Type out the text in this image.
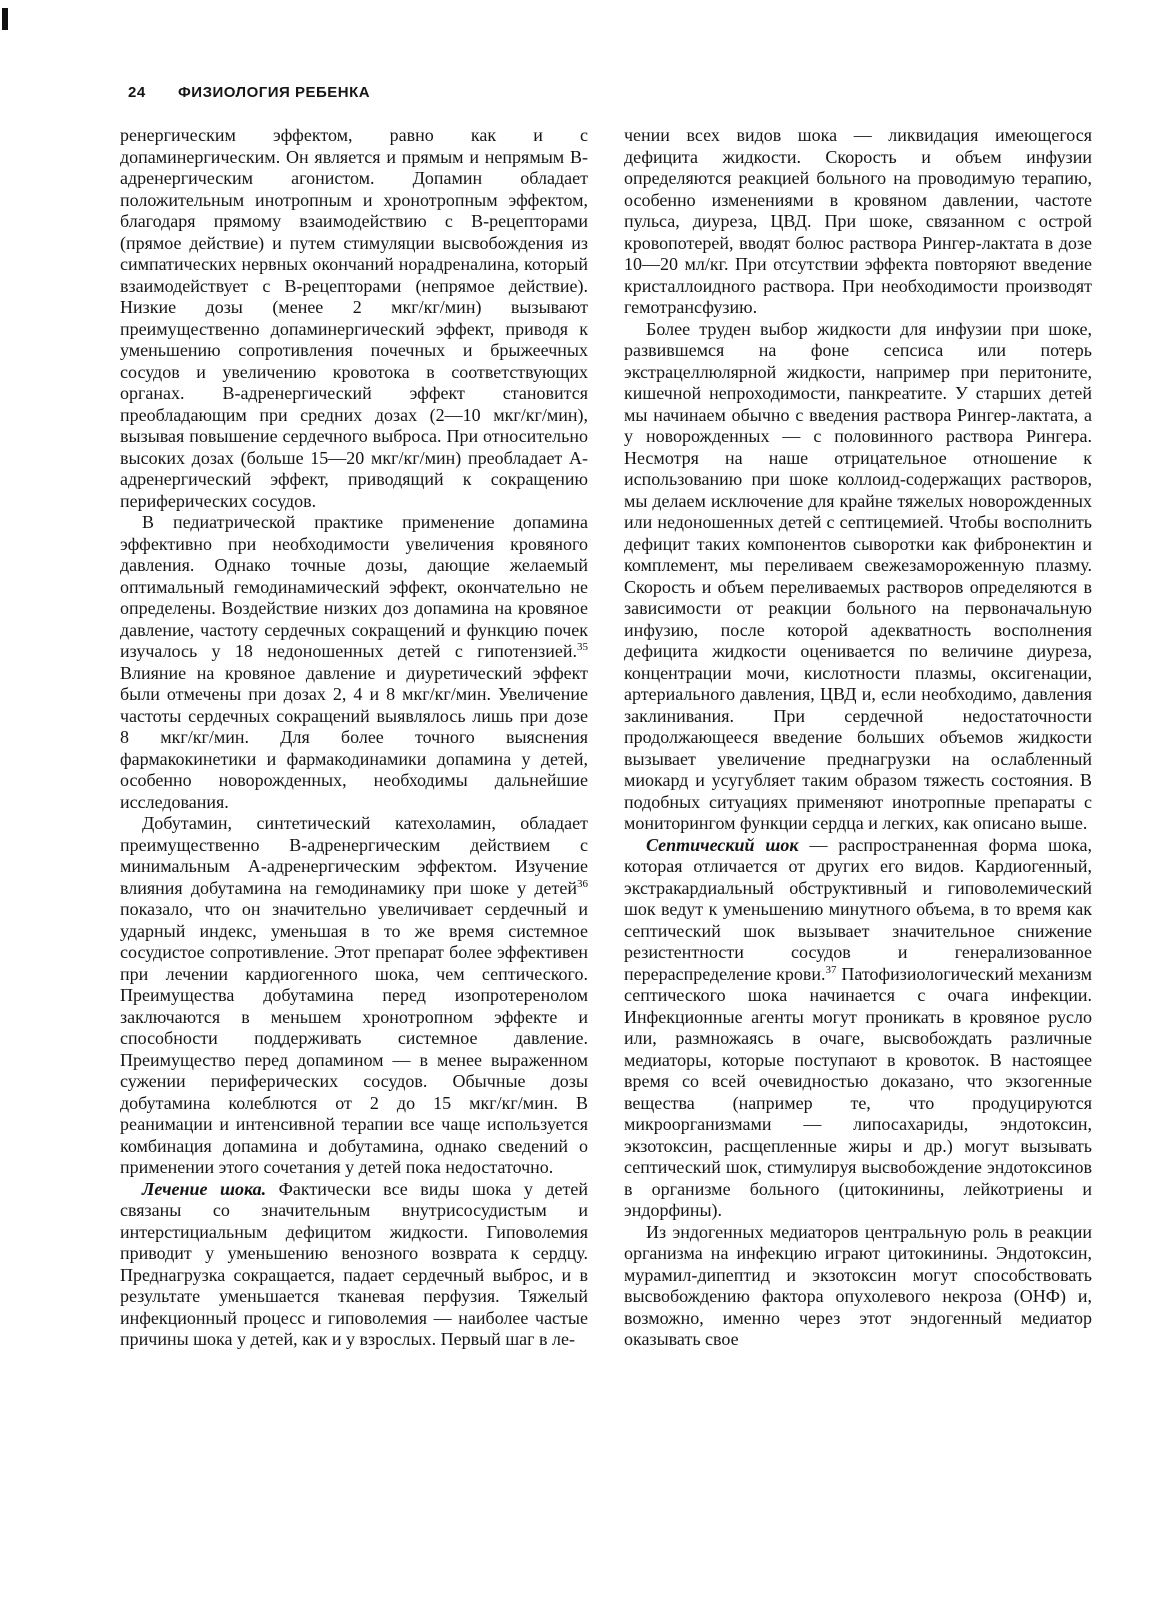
24 ФИЗИОЛОГИЯ РЕБЕНКА

ренергическим эффектом, равно как и с допаминергическим. Он является и прямым и непрямым В-адренергическим агонистом. Допамин обладает положительным инотропным и хронотропным эффектом, благодаря прямому взаимодействию с В-рецепторами (прямое действие) и путем стимуляции высвобождения из симпатических нервных окончаний норадреналина, который взаимодействует с В-рецепторами (непрямое действие). Низкие дозы (менее 2 мкг/кг/мин) вызывают преимущественно допаминергический эффект, приводя к уменьшению сопротивления почечных и брыжеечных сосудов и увеличению кровотока в соответствующих органах. В-адренергический эффект становится преобладающим при средних дозах (2—10 мкг/кг/мин), вызывая повышение сердечного выброса. При относительно высоких дозах (больше 15—20 мкг/кг/мин) преобладает А-адренергический эффект, приводящий к сокращению периферических сосудов.

В педиатрической практике применение допамина эффективно при необходимости увеличения кровяного давления. Однако точные дозы, дающие желаемый оптимальный гемодинамический эффект, окончательно не определены. Воздействие низких доз допамина на кровяное давление, частоту сердечных сокращений и функцию почек изучалось у 18 недоношенных детей с гипотензией.$^{35}$ Влияние на кровяное давление и диуретический эффект были отмечены при дозах 2, 4 и 8 мкг/кг/мин. Увеличение частоты сердечных сокращений выявлялось лишь при дозе 8 мкг/кг/мин. Для более точного выяснения фармакокинетики и фармакодинамики допамина у детей, особенно новорожденных, необходимы дальнейшие исследования.

Добутамин, синтетический катехоламин, обладает преимущественно В-адренергическим действием с минимальным А-адренергическим эффектом. Изучение влияния добутамина на гемодинамику при шоке у детей$^{36}$ показало, что он значительно увеличивает сердечный и ударный индекс, уменьшая в то же время системное сосудистое сопротивление. Этот препарат более эффективен при лечении кардиогенного шока, чем септического. Преимущества добутамина перед изопротеренолом заключаются в меньшем хронотропном эффекте и способности поддерживать системное давление. Преимущество перед допамином — в менее выраженном сужении периферических сосудов. Обычные дозы добутамина колеблются от 2 до 15 мкг/кг/мин. В реанимации и интенсивной терапии все чаще используется комбинация допамина и добутамина, однако сведений о применении этого сочетания у детей пока недостаточно.

Лечение шока. Фактически все виды шока у детей связаны со значительным внутрисосудистым и интерстициальным дефицитом жидкости. Гиповолемия приводит у уменьшению венозного возврата к сердцу. Преднагрузка сокращается, падает сердечный выброс, и в результате уменьшается тканевая перфузия. Тяжелый инфекционный процесс и гиповолемия — наиболее частые причины шока у детей, как и у взрослых. Первый шаг в ле-

чении всех видов шока — ликвидация имеющегося дефицита жидкости. Скорость и объем инфузии определяются реакцией больного на проводимую терапию, особенно изменениями в кровяном давлении, частоте пульса, диуреза, ЦВД. При шоке, связанном с острой кровопотерей, вводят болюс раствора Рингер-лактата в дозе 10—20 мл/кг. При отсутствии эффекта повторяют введение кристаллоидного раствора. При необходимости производят гемотрансфузию.

Более труден выбор жидкости для инфузии при шоке, развившемся на фоне сепсиса или потерь экстрацеллюлярной жидкости, например при перитоните, кишечной непроходимости, панкреатите. У старших детей мы начинаем обычно с введения раствора Рингер-лактата, а у новорожденных — с половинного раствора Рингера. Несмотря на наше отрицательное отношение к использованию при шоке коллоид-содержащих растворов, мы делаем исключение для крайне тяжелых новорожденных или недоношенных детей с септицемией. Чтобы восполнить дефицит таких компонентов сыворотки как фибронектин и комплемент, мы переливаем свежезамороженную плазму. Скорость и объем переливаемых растворов определяются в зависимости от реакции больного на первоначальную инфузию, после которой адекватность восполнения дефицита жидкости оценивается по величине диуреза, концентрации мочи, кислотности плазмы, оксигенации, артериального давления, ЦВД и, если необходимо, давления заклинивания. При сердечной недостаточности продолжающееся введение больших объемов жидкости вызывает увеличение преднагрузки на ослабленный миокард и усугубляет таким образом тяжесть состояния. В подобных ситуациях применяют инотропные препараты с мониторингом функции сердца и легких, как описано выше.

Септический шок — распространенная форма шока, которая отличается от других его видов. Кардиогенный, экстракардиальный обструктивный и гиповолемический шок ведут к уменьшению минутного объема, в то время как септический шок вызывает значительное снижение резистентности сосудов и генерализованное перераспределение крови.$^{37}$ Патофизиологический механизм септического шока начинается с очага инфекции. Инфекционные агенты могут проникать в кровяное русло или, размножаясь в очаге, высвобождать различные медиаторы, которые поступают в кровоток. В настоящее время со всей очевидностью доказано, что экзогенные вещества (например те, что продуцируются микроорганизмами — липосахариды, эндотоксин, экзотоксин, расщепленные жиры и др.) могут вызывать септический шок, стимулируя высвобождение эндотоксинов в организме больного (цитокинины, лейкотриены и эндорфины).

Из эндогенных медиаторов центральную роль в реакции организма на инфекцию играют цитокинины. Эндотоксин, мурамил-дипептид и экзотоксин могут способствовать высвобождению фактора опухолевого некроза (ОНФ) и, возможно, именно через этот эндогенный медиатор оказывать свое
